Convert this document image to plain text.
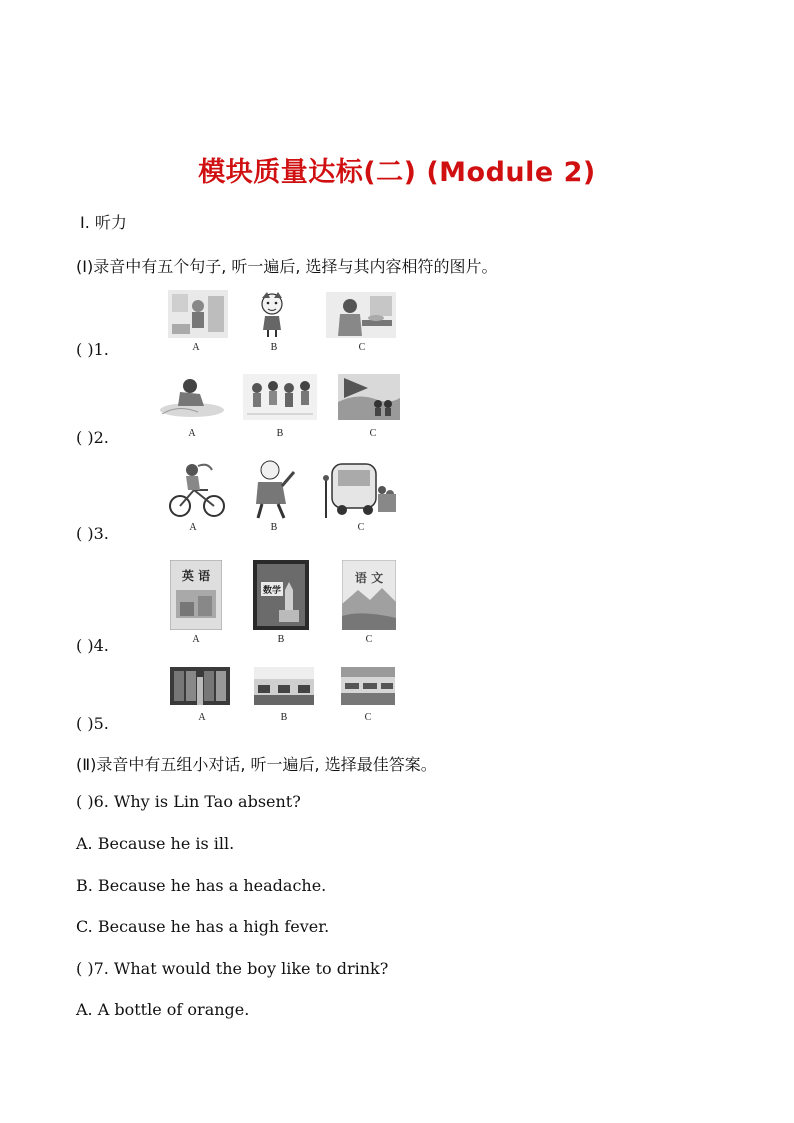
模块质量达标(二) (Module 2)
Ⅰ. 听力
(Ⅰ)录音中有五个句子, 听一遍后, 选择与其内容相符的图片。
( )1.	A	B	C
( )2.	A	B	C
( )3.	A	B	C
( )4.
英 语
数学
语 文
A	B	C
( )5.	A	B	C
(Ⅱ)录音中有五组小对话, 听一遍后, 选择最佳答案。
( )6. Why is Lin Tao absent?
A. Because he is ill.
B. Because he has a headache.
C. Because he has a high fever.
( )7. What would the boy like to drink?
A. A bottle of orange.
